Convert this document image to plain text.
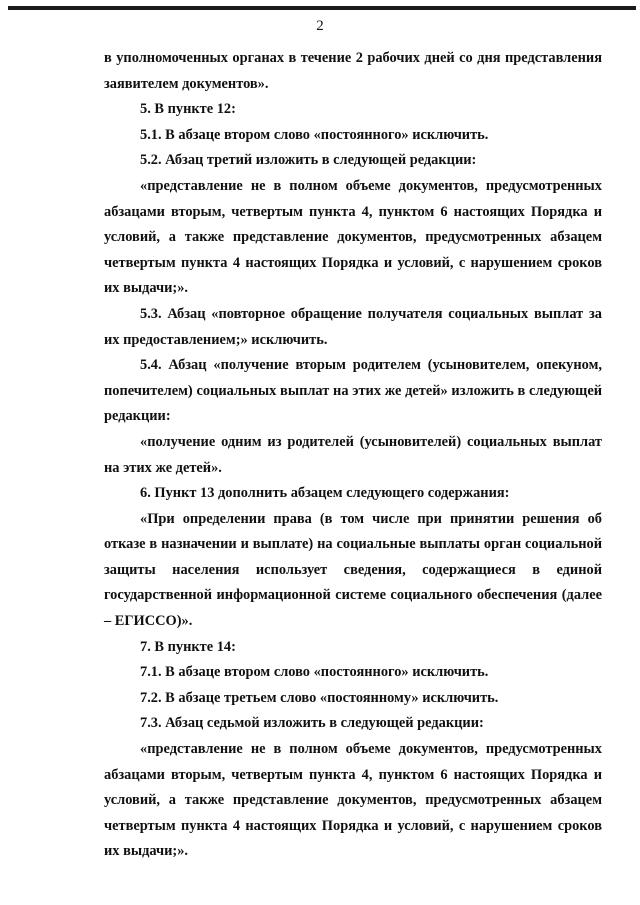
2

в уполномоченных органах в течение 2 рабочих дней со дня представления заявителем документов».

5. В пункте 12:

5.1. В абзаце втором слово «постоянного» исключить.

5.2. Абзац третий изложить в следующей редакции:

«представление не в полном объеме документов, предусмотренных абзацами вторым, четвертым пункта 4, пунктом 6 настоящих Порядка и условий, а также представление документов, предусмотренных абзацем четвертым пункта 4 настоящих Порядка и условий, с нарушением сроков их выдачи;».

5.3. Абзац «повторное обращение получателя социальных выплат за их предоставлением;» исключить.

5.4. Абзац «получение вторым родителем (усыновителем, опекуном, попечителем) социальных выплат на этих же детей» изложить в следующей редакции:

«получение одним из родителей (усыновителей) социальных выплат на этих же детей».

6. Пункт 13 дополнить абзацем следующего содержания:

«При определении права (в том числе при принятии решения об отказе в назначении и выплате) на социальные выплаты орган социальной защиты населения использует сведения, содержащиеся в единой государственной информационной системе социального обеспечения (далее – ЕГИССО)».

7. В пункте 14:

7.1. В абзаце втором слово «постоянного» исключить.

7.2. В абзаце третьем слово «постоянному» исключить.

7.3. Абзац седьмой изложить в следующей редакции:

«представление не в полном объеме документов, предусмотренных абзацами вторым, четвертым пункта 4, пунктом 6 настоящих Порядка и условий, а также представление документов, предусмотренных абзацем четвертым пункта 4 настоящих Порядка и условий, с нарушением сроков их выдачи;».
